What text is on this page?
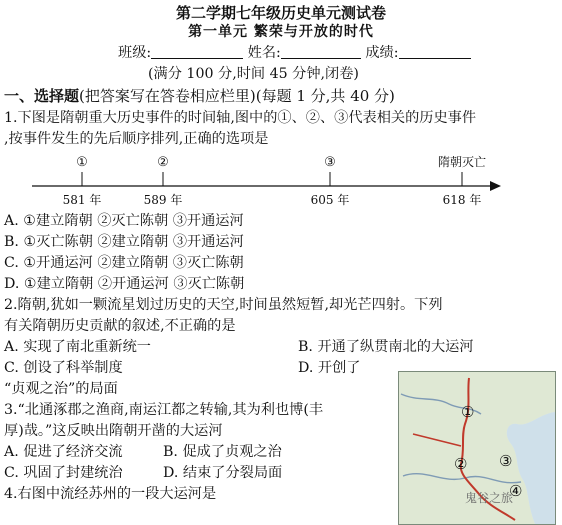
第二学期七年级历史单元测试卷
第一单元 繁荣与开放的时代
班级:	姓名:	成绩:
(满分 100 分,时间 45 分钟,闭卷)
一、选择题(把答案写在答卷相应栏里)(每题 1 分,共 40 分)
1.下图是隋朝重大历史事件的时间轴,图中的①、②、③代表相关的历史事件
,按事件发生的先后顺序排列,正确的选项是
①	②	③	隋朝灭亡
581 年	589 年	605 年	618 年
A. ①建立隋朝 ②灭亡陈朝 ③开通运河
B. ①灭亡陈朝 ②建立隋朝 ③开通运河
C. ①开通运河 ②建立隋朝 ③灭亡陈朝
D. ①建立隋朝 ②开通运河 ③灭亡陈朝
2.隋朝,犹如一颗流星划过历史的天空,时间虽然短暂,却光芒四射。下列
有关隋朝历史贡献的叙述,不正确的是
A. 实现了南北重新统一	B. 开通了纵贯南北的大运河
C. 创设了科举制度	D. 开创了
“贞观之治”的局面
3.“北通涿郡之渔商,南运江都之转输,其为利也博(丰
厚)哉。”这反映出隋朝开凿的大运河
A. 促进了经济交流	B. 促成了贞观之治
C. 巩固了封建统治	D. 结束了分裂局面
4.右图中流经苏州的一段大运河是
①
② ③
④
鬼谷之旅
